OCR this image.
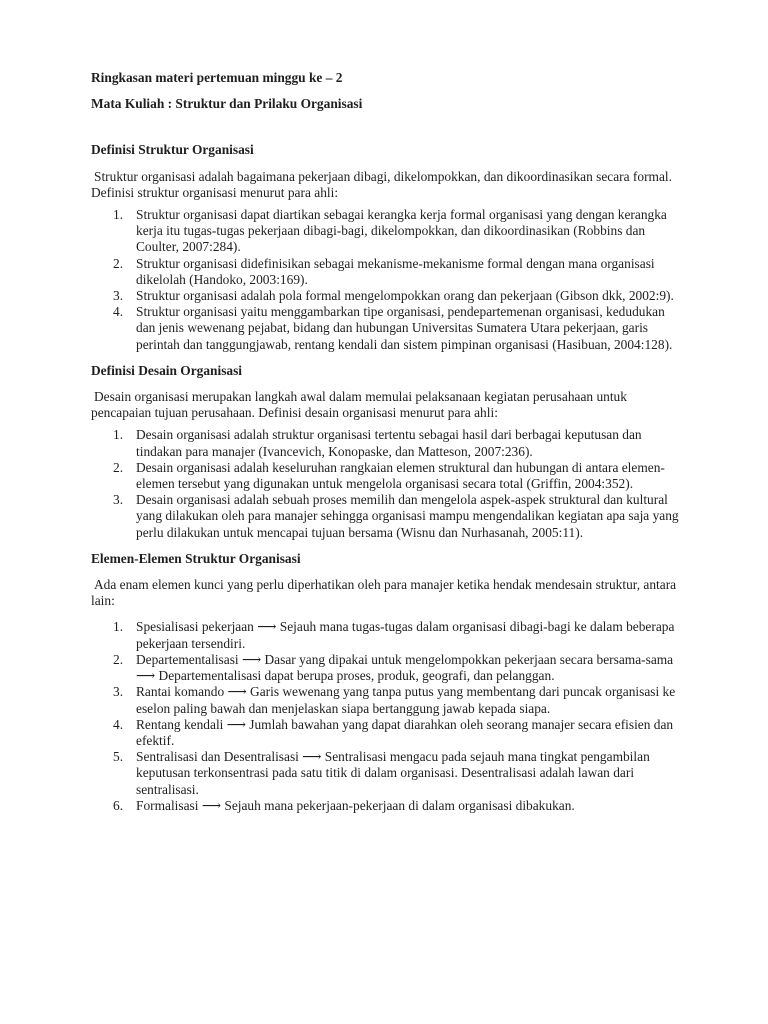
Ringkasan materi pertemuan minggu ke – 2

Mata Kuliah : Struktur dan Prilaku Organisasi

Definisi Struktur Organisasi

Struktur organisasi adalah bagaimana pekerjaan dibagi, dikelompokkan, dan dikoordinasikan secara formal. Definisi struktur organisasi menurut para ahli:

1. Struktur organisasi dapat diartikan sebagai kerangka kerja formal organisasi yang dengan kerangka kerja itu tugas-tugas pekerjaan dibagi-bagi, dikelompokkan, dan dikoordinasikan (Robbins dan Coulter, 2007:284).
2. Struktur organisasi didefinisikan sebagai mekanisme-mekanisme formal dengan mana organisasi dikelolah (Handoko, 2003:169).
3. Struktur organisasi adalah pola formal mengelompokkan orang dan pekerjaan (Gibson dkk, 2002:9).
4. Struktur organisasi yaitu menggambarkan tipe organisasi, pendepartemenan organisasi, kedudukan dan jenis wewenang pejabat, bidang dan hubungan Universitas Sumatera Utara pekerjaan, garis perintah dan tanggungjawab, rentang kendali dan sistem pimpinan organisasi (Hasibuan, 2004:128).

Definisi Desain Organisasi

Desain organisasi merupakan langkah awal dalam memulai pelaksanaan kegiatan perusahaan untuk pencapaian tujuan perusahaan. Definisi desain organisasi menurut para ahli:

1. Desain organisasi adalah struktur organisasi tertentu sebagai hasil dari berbagai keputusan dan tindakan para manajer (Ivancevich, Konopaske, dan Matteson, 2007:236).
2. Desain organisasi adalah keseluruhan rangkaian elemen struktural dan hubungan di antara elemen-elemen tersebut yang digunakan untuk mengelola organisasi secara total (Griffin, 2004:352).
3. Desain organisasi adalah sebuah proses memilih dan mengelola aspek-aspek struktural dan kultural yang dilakukan oleh para manajer sehingga organisasi mampu mengendalikan kegiatan apa saja yang perlu dilakukan untuk mencapai tujuan bersama (Wisnu dan Nurhasanah, 2005:11).

Elemen-Elemen Struktur Organisasi

Ada enam elemen kunci yang perlu diperhatikan oleh para manajer ketika hendak mendesain struktur, antara lain:

1. Spesialisasi pekerjaan ⟶ Sejauh mana tugas-tugas dalam organisasi dibagi-bagi ke dalam beberapa pekerjaan tersendiri.
2. Departementalisasi ⟶ Dasar yang dipakai untuk mengelompokkan pekerjaan secara bersama-sama ⟶ Departementalisasi dapat berupa proses, produk, geografi, dan pelanggan.
3. Rantai komando ⟶ Garis wewenang yang tanpa putus yang membentang dari puncak organisasi ke eselon paling bawah dan menjelaskan siapa bertanggung jawab kepada siapa.
4. Rentang kendali ⟶ Jumlah bawahan yang dapat diarahkan oleh seorang manajer secara efisien dan efektif.
5. Sentralisasi dan Desentralisasi ⟶ Sentralisasi mengacu pada sejauh mana tingkat pengambilan keputusan terkonsentrasi pada satu titik di dalam organisasi. Desentralisasi adalah lawan dari sentralisasi.
6. Formalisasi ⟶ Sejauh mana pekerjaan-pekerjaan di dalam organisasi dibakukan.
